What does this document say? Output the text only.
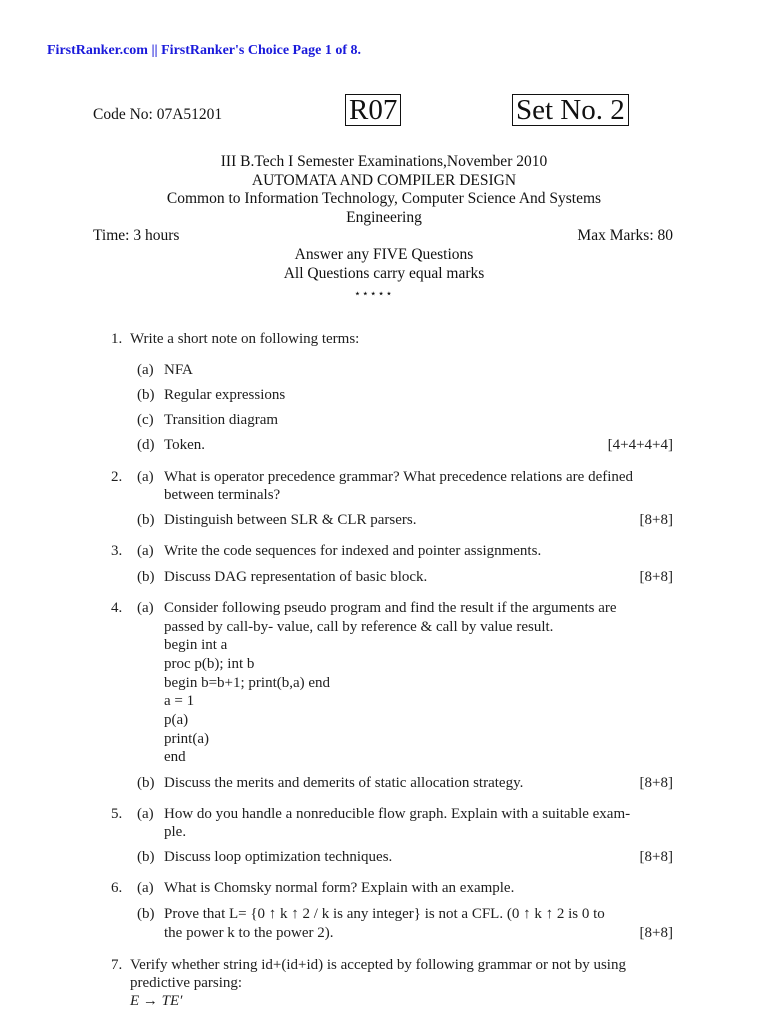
FirstRanker.com || FirstRanker's Choice Page 1 of 8.
Code No: 07A51201	R07	Set No. 2
III B.Tech I Semester Examinations,November 2010
AUTOMATA AND COMPILER DESIGN
Common to Information Technology, Computer Science And Systems
Engineering
Time: 3 hours	Max Marks: 80
Answer any FIVE Questions
All Questions carry equal marks
⋆⋆⋆⋆⋆
1. Write a short note on following terms:
(a) NFA
(b) Regular expressions
(c) Transition diagram
(d) Token.	[4+4+4+4]
2. (a) What is operator precedence grammar? What precedence relations are defined
between terminals?
(b) Distinguish between SLR & CLR parsers.	[8+8]
3. (a) Write the code sequences for indexed and pointer assignments.
(b) Discuss DAG representation of basic block.	[8+8]
4. (a) Consider following pseudo program and find the result if the arguments are
passed by call-by- value, call by reference & call by value result.
begin int a
proc p(b); int b
begin b=b+1; print(b,a) end
a = 1
p(a)
print(a)
end
(b) Discuss the merits and demerits of static allocation strategy.	[8+8]
5. (a) How do you handle a nonreducible flow graph. Explain with a suitable exam-
ple.
(b) Discuss loop optimization techniques.	[8+8]
6. (a) What is Chomsky normal form? Explain with an example.
(b) Prove that L= {0 ↑ k ↑ 2 / k is any integer} is not a CFL. (0 ↑ k ↑ 2 is 0 to
the power k to the power 2).	[8+8]
7. Verify whether string id+(id+id) is accepted by following grammar or not by using
predictive parsing:
E → TE′
